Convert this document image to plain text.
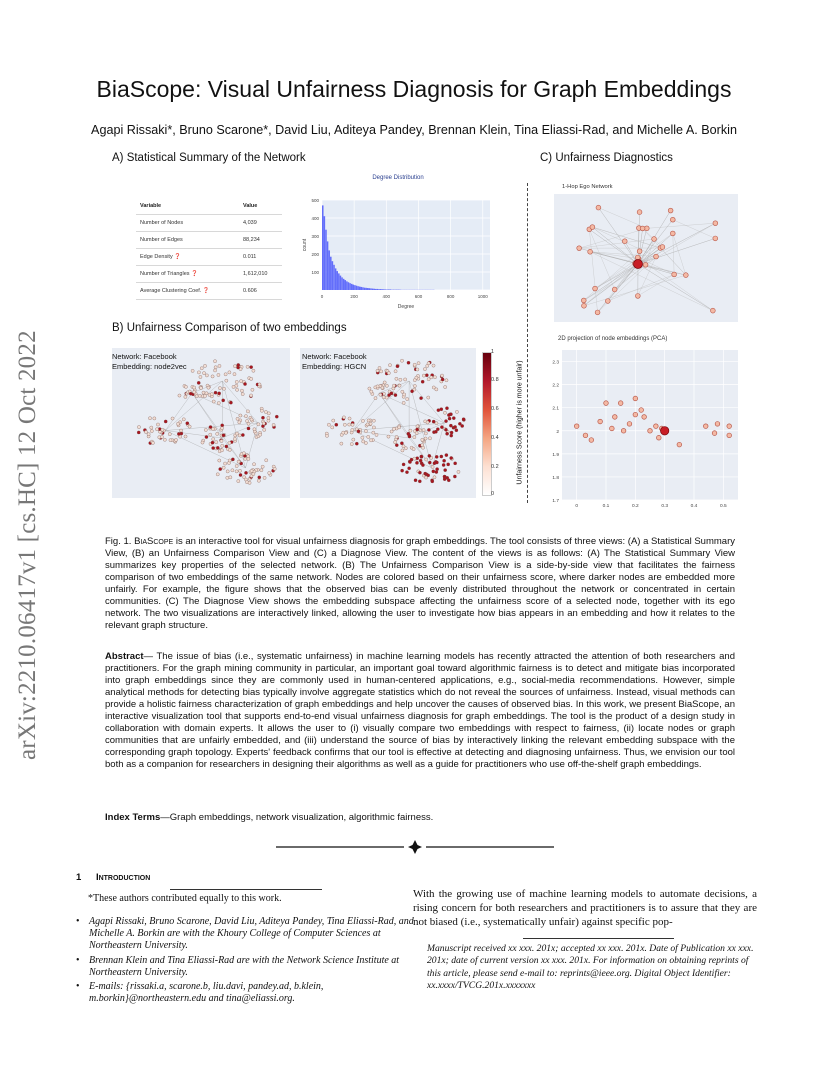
arXiv:2210.06417v1 [cs.HC] 12 Oct 2022
BiaScope: Visual Unfairness Diagnosis for Graph Embeddings
Agapi Rissaki*, Bruno Scarone*, David Liu, Aditeya Pandey, Brennan Klein, Tina Eliassi-Rad, and Michelle A. Borkin
A) Statistical Summary of the Network
B) Unfairness Comparison of two embeddings
C) Unfairness Diagnostics
Variable	Value
Number of Nodes	4,039
Number of Edges	88,234
Edge Density ❓	0.011
Number of Triangles ❓	1,612,010
Average Clustering Coef. ❓	0.606
Degree Distribution
100
200
300
400
500
0	200	400	600	800	1000
Degree
count
Network: Facebook
Embedding: node2vec
Network: Facebook
Embedding: HGCN
1
0.8
0.6
0.4
0.2
0
Unfairness Score (higher is more unfair)
1-Hop Ego Network
2D projection of node embeddings (PCA)
2.3
2.2
2.1
2
1.9
1.8
1.7
0	0.1	0.2	0.3	0.4	0.5
Fig. 1. BiaScope is an interactive tool for visual unfairness diagnosis for graph embeddings. The tool consists of three views: (A) a Statistical Summary View, (B) an Unfairness Comparison View and (C) a Diagnose View. The content of the views is as follows: (A) The Statistical Summary View summarizes key properties of the selected network. (B) The Unfairness Comparison View is a side-by-side view that facilitates the fairness comparison of two embeddings of the same network. Nodes are colored based on their unfairness score, where darker nodes are embedded more unfairly. For example, the figure shows that the observed bias can be evenly distributed throughout the network or concentrated in certain communities. (C) The Diagnose View shows the embedding subspace affecting the unfairness score of a selected node, together with its ego network. The two visualizations are interactively linked, allowing the user to investigate how bias appears in an embedding and how it relates to the relevant graph structure.
Abstract— The issue of bias (i.e., systematic unfairness) in machine learning models has recently attracted the attention of both researchers and practitioners. For the graph mining community in particular, an important goal toward algorithmic fairness is to detect and mitigate bias incorporated into graph embeddings since they are commonly used in human-centered applications, e.g., social-media recommendations. However, simple analytical methods for detecting bias typically involve aggregate statistics which do not reveal the sources of unfairness. Instead, visual methods can provide a holistic fairness characterization of graph embeddings and help uncover the causes of observed bias. In this work, we present BiaScope, an interactive visualization tool that supports end-to-end visual unfairness diagnosis for graph embeddings. The tool is the product of a design study in collaboration with domain experts. It allows the user to (i) visually compare two embeddings with respect to fairness, (ii) locate nodes or graph communities that are unfairly embedded, and (iii) understand the source of bias by interactively linking the relevant embedding subspace with the corresponding graph topology. Experts' feedback confirms that our tool is effective at detecting and diagnosing unfairness. Thus, we envision our tool both as a companion for researchers in designing their algorithms as well as a guide for practitioners who use off-the-shelf graph embeddings.
Index Terms—Graph embeddings, network visualization, algorithmic fairness.
1 Introduction
*These authors contributed equally to this work.
• Agapi Rissaki, Bruno Scarone, David Liu, Aditeya Pandey, Tina Eliassi-Rad, and Michelle A. Borkin are with the Khoury College of Computer Sciences at Northeastern University.
• Brennan Klein and Tina Eliassi-Rad are with the Network Science Institute at Northeastern University.
• E-mails: {rissaki.a, scarone.b, liu.davi, pandey.ad, b.klein, m.borkin}@northeastern.edu and tina@eliassi.org.
With the growing use of machine learning models to automate decisions, a rising concern for both researchers and practitioners is to assure that they are not biased (i.e., systematically unfair) against specific pop-
Manuscript received xx xxx. 201x; accepted xx xxx. 201x. Date of Publication xx xxx. 201x; date of current version xx xxx. 201x. For information on obtaining reprints of this article, please send e-mail to: reprints@ieee.org. Digital Object Identifier: xx.xxxx/TVCG.201x.xxxxxxx
